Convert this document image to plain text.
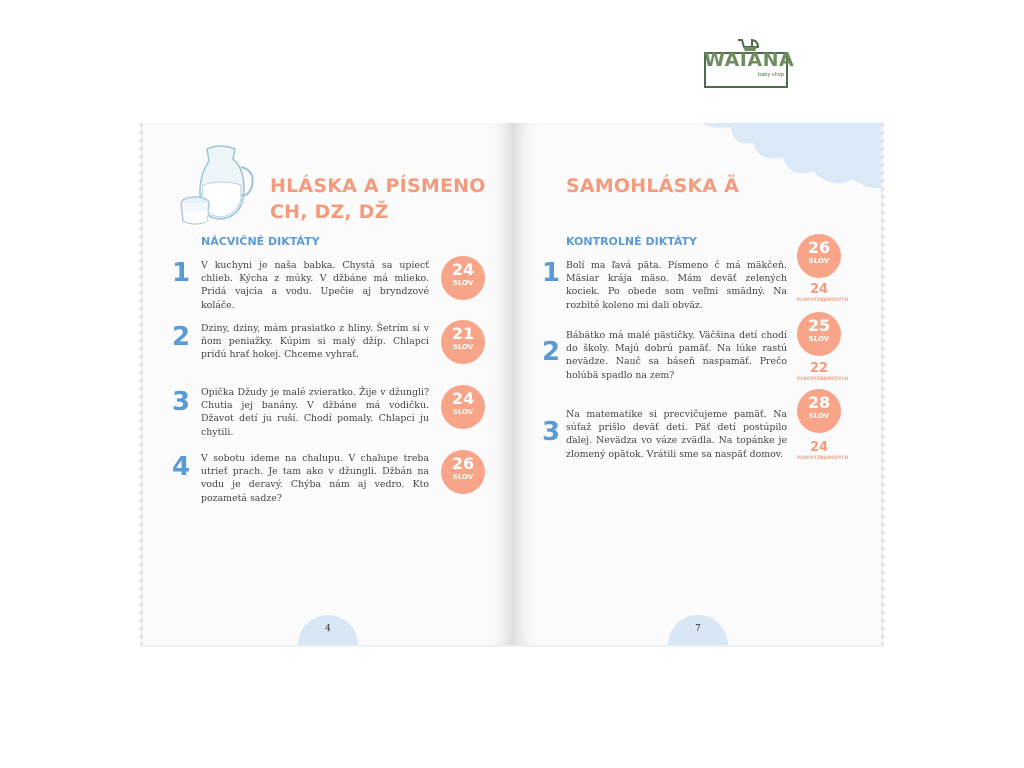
WAIANA
baby shop
HLÁSKA A PÍSMENO
CH, DZ, DŽ
NÁCVIČNÉ DIKTÁTY
1 V kuchyni je naša babka. Chystá sa upiecť chlieb. Kýcha z múky. V džbáne má mlieko. Pridá vajcia a vodu. Upečie aj bryndzové koláče.
24
SLOV
2 Dziny, dziny, mám prasiatko z hliny. Šetrím si v ňom peniažky. Kúpim si malý džíp. Chlapci pridú hrať hokej. Chceme vyhrať.
21
SLOV
3 Opička Džudy je malé zvieratko. Žije v džungli? Chutia jej banány. V džbáne má vodičku. Džavot detí ju ruší. Chodí pomaly. Chlapci ju chytili.
24
SLOV
4 V sobotu ideme na chalupu. V chalupe treba utrieť prach. Je tam ako v džungli. Džbán na vodu je deravý. Chýba nám aj vedro. Kto pozametá sadze?
26
SLOV
4
SAMOHLÁSKA Ä
KONTROLNÉ DIKTÁTY
1 Bolí ma ľavá päta. Písmeno č má mäkčeň. Mäsiar krája mäso. Mám deväť zelených kociek. Po obede som veľmi smädný. Na rozbité koleno mi dali obväz.
26
SLOV
24
PLNOVÝZNAMOVÝCH
2
Bábätko má malé pästičky. Väčšina detí chodí do školy. Majú dobrú pamäť. Na lúke rastú nevädze. Nauč sa báseň naspamäť. Prečo holúbä spadlo na zem?
25
SLOV
22
PLNOVÝZNAMOVÝCH
3
Na matematike si precvičujeme pamäť. Na súťaž prišlo deväť detí. Päť detí postúpilo ďalej. Nevädza vo váze zvädla. Na topánke je zlomený opätok. Vrátili sme sa naspäť domov.
28
SLOV
24
PLNOVÝZNAMOVÝCH
7
